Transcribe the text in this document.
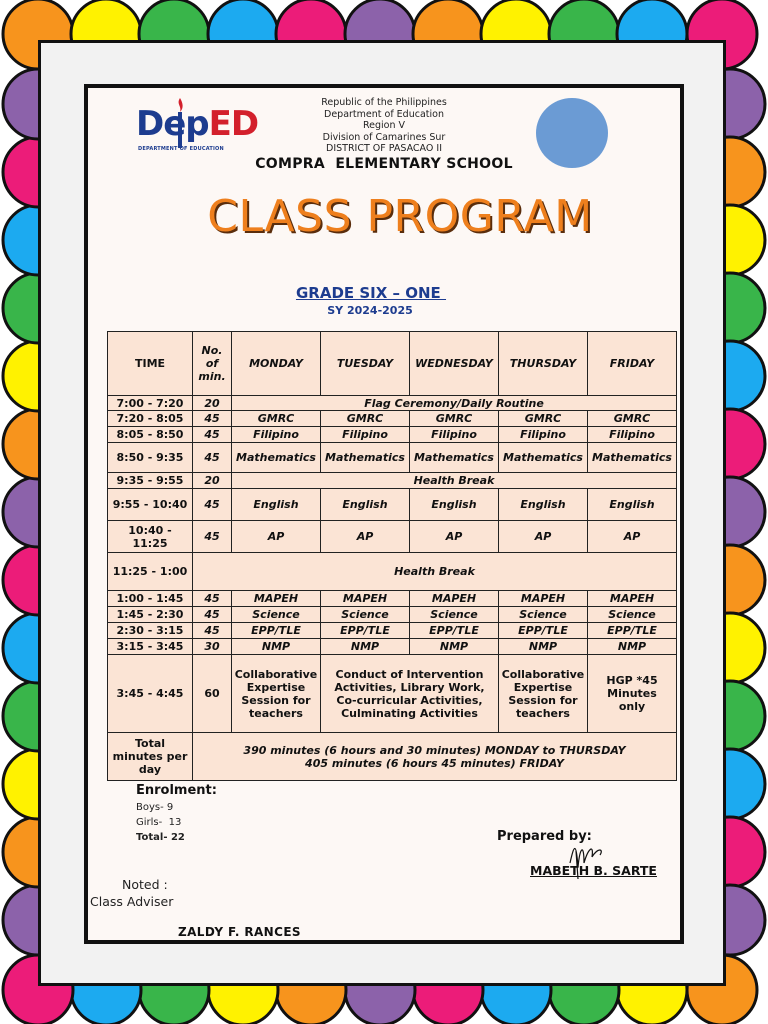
DepED
DEPARTMENT OF EDUCATION
Republic of the Philippines
Department of Education
Region V
Division of Camarines Sur
DISTRICT OF PASACAO II
COMPRA  ELEMENTARY SCHOOL
CLASS PROGRAM
GRADE SIX – ONE
SY 2024-2025
TIME	No. of min.	MONDAY	TUESDAY	WEDNESDAY	THURSDAY	FRIDAY
7:00 - 7:20	20	Flag Ceremony/Daily Routine				
7:20 - 8:05	45	GMRC	GMRC	GMRC	GMRC	GMRC
8:05 - 8:50	45	Filipino	Filipino	Filipino	Filipino	Filipino
8:50 - 9:35	45	Mathematics	Mathematics	Mathematics	Mathematics	Mathematics
9:35 - 9:55	20	Health Break				
9:55 - 10:40	45	English	English	English	English	English
10:40 - 11:25	45	AP	AP	AP	AP	AP
11:25 - 1:00	Health Break					
1:00 - 1:45	45	MAPEH	MAPEH	MAPEH	MAPEH	MAPEH
1:45 - 2:30	45	Science	Science	Science	Science	Science
2:30 - 3:15	45	EPP/TLE	EPP/TLE	EPP/TLE	EPP/TLE	EPP/TLE
3:15 - 3:45	30	NMP	NMP	NMP	NMP	NMP
3:45 - 4:45	60	Collaborative Expertise Session for teachers	Conduct of Intervention Activities, Library Work, Co-curricular Activities, Culminating Activities		Collaborative Expertise Session for teachers	HGP *45 Minutes only
Total minutes per day	390 minutes (6 hours and 30 minutes) MONDAY to THURSDAY
405 minutes (6 hours 45 minutes) FRIDAY					
Enrolment:
Boys- 9
Girls-  13
Total- 22	Prepared by:
MABETH B. SARTE
Noted :
Class Adviser
ZALDY F. RANCES
